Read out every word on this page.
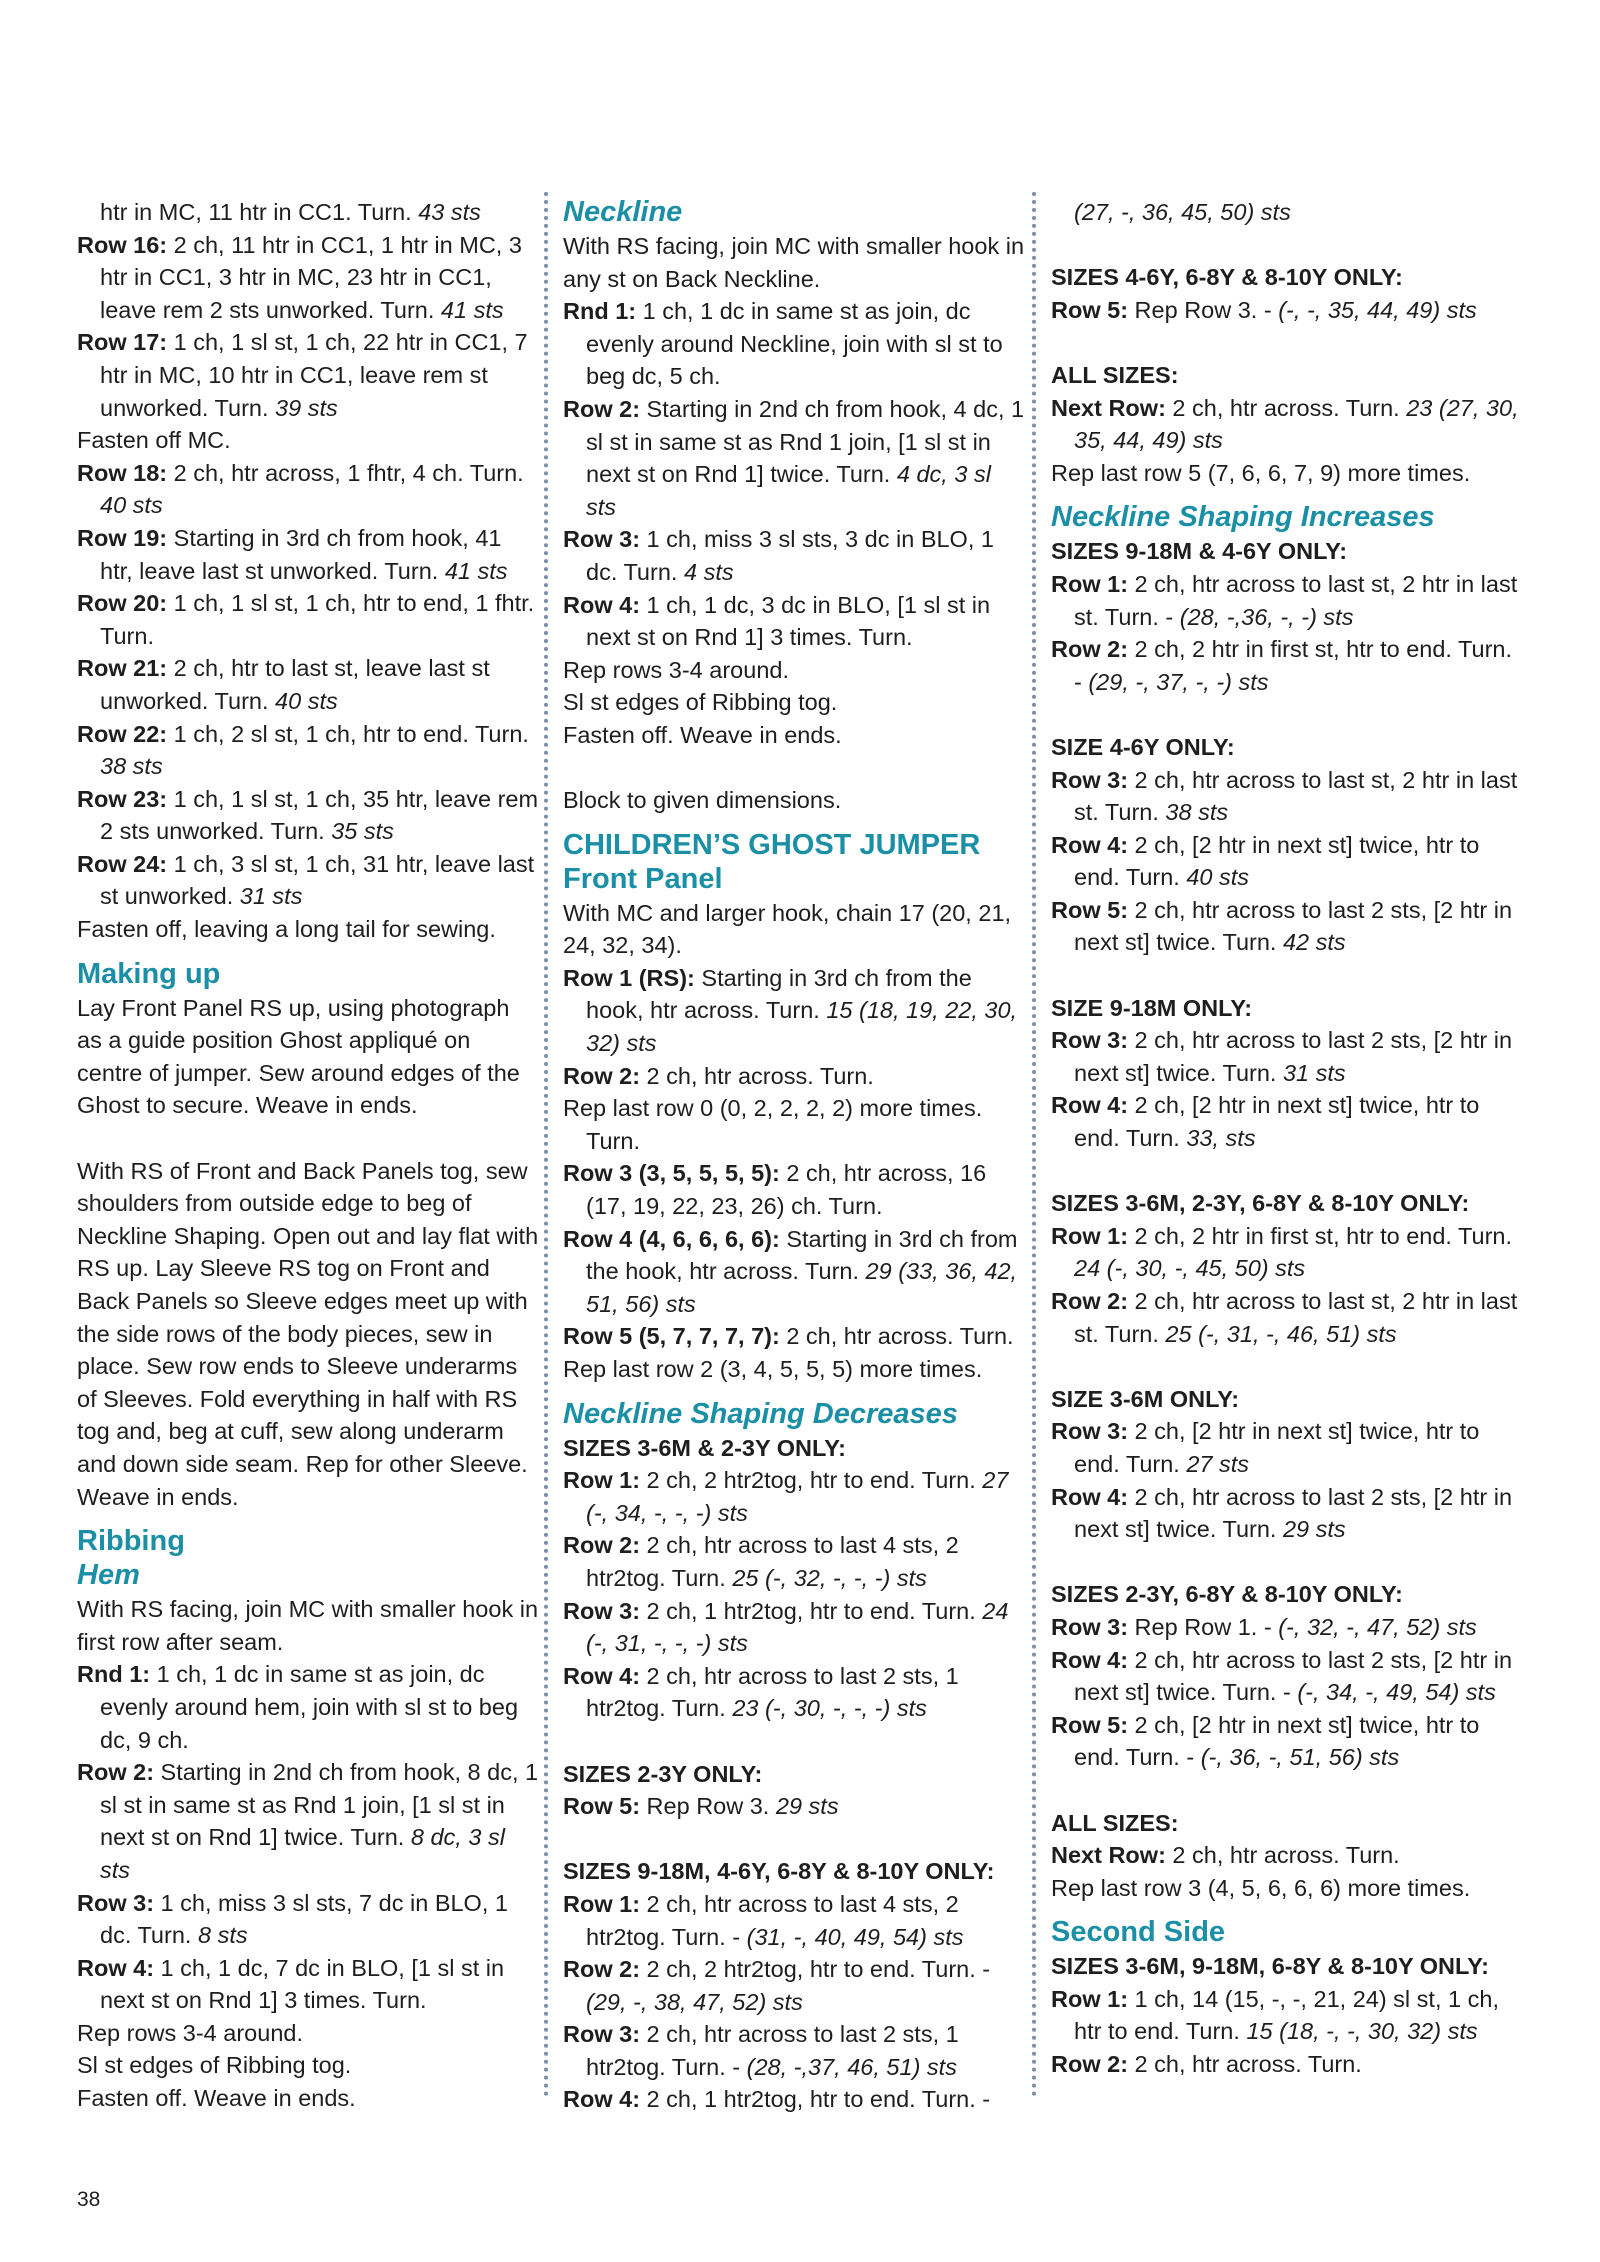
htr in MC, 11 htr in CC1. Turn. 43 sts

Row 16: 2 ch, 11 htr in CC1, 1 htr in MC, 3 htr in CC1, 3 htr in MC, 23 htr in CC1, leave rem 2 sts unworked. Turn. 41 sts

Row 17: 1 ch, 1 sl st, 1 ch, 22 htr in CC1, 7 htr in MC, 10 htr in CC1, leave rem st unworked. Turn. 39 sts

Fasten off MC.

Row 18: 2 ch, htr across, 1 fhtr, 4 ch. Turn. 40 sts

Row 19: Starting in 3rd ch from hook, 41 htr, leave last st unworked. Turn. 41 sts

Row 20: 1 ch, 1 sl st, 1 ch, htr to end, 1 fhtr. Turn.

Row 21: 2 ch, htr to last st, leave last st unworked. Turn. 40 sts

Row 22: 1 ch, 2 sl st, 1 ch, htr to end. Turn. 38 sts

Row 23: 1 ch, 1 sl st, 1 ch, 35 htr, leave rem 2 sts unworked. Turn. 35 sts

Row 24: 1 ch, 3 sl st, 1 ch, 31 htr, leave last st unworked. 31 sts

Fasten off, leaving a long tail for sewing.

Making up

Lay Front Panel RS up, using photograph as a guide position Ghost appliqué on centre of jumper. Sew around edges of the Ghost to secure. Weave in ends.

With RS of Front and Back Panels tog, sew shoulders from outside edge to beg of Neckline Shaping. Open out and lay flat with RS up. Lay Sleeve RS tog on Front and Back Panels so Sleeve edges meet up with the side rows of the body pieces, sew in place. Sew row ends to Sleeve underarms of Sleeves. Fold everything in half with RS tog and, beg at cuff, sew along underarm and down side seam. Rep for other Sleeve. Weave in ends.

Ribbing
Hem

With RS facing, join MC with smaller hook in first row after seam.

Rnd 1: 1 ch, 1 dc in same st as join, dc evenly around hem, join with sl st to beg dc, 9 ch.

Row 2: Starting in 2nd ch from hook, 8 dc, 1 sl st in same st as Rnd 1 join, [1 sl st in next st on Rnd 1] twice. Turn. 8 dc, 3 sl sts

Row 3: 1 ch, miss 3 sl sts, 7 dc in BLO, 1 dc. Turn. 8 sts

Row 4: 1 ch, 1 dc, 7 dc in BLO, [1 sl st in next st on Rnd 1] 3 times. Turn.

Rep rows 3-4 around.

Sl st edges of Ribbing tog.

Fasten off. Weave in ends.

Neckline

With RS facing, join MC with smaller hook in any st on Back Neckline.

Rnd 1: 1 ch, 1 dc in same st as join, dc evenly around Neckline, join with sl st to beg dc, 5 ch.

Row 2: Starting in 2nd ch from hook, 4 dc, 1 sl st in same st as Rnd 1 join, [1 sl st in next st on Rnd 1] twice. Turn. 4 dc, 3 sl sts

Row 3: 1 ch, miss 3 sl sts, 3 dc in BLO, 1 dc. Turn. 4 sts

Row 4: 1 ch, 1 dc, 3 dc in BLO, [1 sl st in next st on Rnd 1] 3 times. Turn.

Rep rows 3-4 around.

Sl st edges of Ribbing tog.

Fasten off. Weave in ends.

Block to given dimensions.

CHILDREN’S GHOST JUMPER
Front Panel

With MC and larger hook, chain 17 (20, 21, 24, 32, 34).

Row 1 (RS): Starting in 3rd ch from the hook, htr across. Turn. 15 (18, 19, 22, 30, 32) sts

Row 2: 2 ch, htr across. Turn.

Rep last row 0 (0, 2, 2, 2, 2) more times. Turn.

Row 3 (3, 5, 5, 5, 5): 2 ch, htr across, 16 (17, 19, 22, 23, 26) ch. Turn.

Row 4 (4, 6, 6, 6, 6): Starting in 3rd ch from the hook, htr across. Turn. 29 (33, 36, 42, 51, 56) sts

Row 5 (5, 7, 7, 7, 7): 2 ch, htr across. Turn.

Rep last row 2 (3, 4, 5, 5, 5) more times.

Neckline Shaping Decreases

SIZES 3-6M & 2-3Y ONLY:

Row 1: 2 ch, 2 htr2tog, htr to end. Turn. 27 (-, 34, -, -, -) sts

Row 2: 2 ch, htr across to last 4 sts, 2 htr2tog. Turn. 25 (-, 32, -, -, -) sts

Row 3: 2 ch, 1 htr2tog, htr to end. Turn. 24 (-, 31, -, -, -) sts

Row 4: 2 ch, htr across to last 2 sts, 1 htr2tog. Turn. 23 (-, 30, -, -, -) sts

SIZES 2-3Y ONLY:

Row 5: Rep Row 3. 29 sts

SIZES 9-18M, 4-6Y, 6-8Y & 8-10Y ONLY:

Row 1: 2 ch, htr across to last 4 sts, 2 htr2tog. Turn. - (31, -, 40, 49, 54) sts

Row 2: 2 ch, 2 htr2tog, htr to end. Turn. - (29, -, 38, 47, 52) sts

Row 3: 2 ch, htr across to last 2 sts, 1 htr2tog. Turn. - (28, -,37, 46, 51) sts

Row 4: 2 ch, 1 htr2tog, htr to end. Turn. -

(27, -, 36, 45, 50) sts

SIZES 4-6Y, 6-8Y & 8-10Y ONLY:

Row 5: Rep Row 3. - (-, -, 35, 44, 49) sts

ALL SIZES:

Next Row: 2 ch, htr across. Turn. 23 (27, 30, 35, 44, 49) sts

Rep last row 5 (7, 6, 6, 7, 9) more times.

Neckline Shaping Increases

SIZES 9-18M & 4-6Y ONLY:

Row 1: 2 ch, htr across to last st, 2 htr in last st. Turn. - (28, -,36, -, -) sts

Row 2: 2 ch, 2 htr in first st, htr to end. Turn. - (29, -, 37, -, -) sts

SIZE 4-6Y ONLY:

Row 3: 2 ch, htr across to last st, 2 htr in last st. Turn. 38 sts

Row 4: 2 ch, [2 htr in next st] twice, htr to end. Turn. 40 sts

Row 5: 2 ch, htr across to last 2 sts, [2 htr in next st] twice. Turn. 42 sts

SIZE 9-18M ONLY:

Row 3: 2 ch, htr across to last 2 sts, [2 htr in next st] twice. Turn. 31 sts

Row 4: 2 ch, [2 htr in next st] twice, htr to end. Turn. 33, sts

SIZES 3-6M, 2-3Y, 6-8Y & 8-10Y ONLY:

Row 1: 2 ch, 2 htr in first st, htr to end. Turn. 24 (-, 30, -, 45, 50) sts

Row 2: 2 ch, htr across to last st, 2 htr in last st. Turn. 25 (-, 31, -, 46, 51) sts

SIZE 3-6M ONLY:

Row 3: 2 ch, [2 htr in next st] twice, htr to end. Turn. 27 sts

Row 4: 2 ch, htr across to last 2 sts, [2 htr in next st] twice. Turn. 29 sts

SIZES 2-3Y, 6-8Y & 8-10Y ONLY:

Row 3: Rep Row 1. - (-, 32, -, 47, 52) sts

Row 4: 2 ch, htr across to last 2 sts, [2 htr in next st] twice. Turn. - (-, 34, -, 49, 54) sts

Row 5: 2 ch, [2 htr in next st] twice, htr to end. Turn. - (-, 36, -, 51, 56) sts

ALL SIZES:

Next Row: 2 ch, htr across. Turn.

Rep last row 3 (4, 5, 6, 6, 6) more times.

Second Side

SIZES 3-6M, 9-18M, 6-8Y & 8-10Y ONLY:

Row 1: 1 ch, 14 (15, -, -, 21, 24) sl st, 1 ch, htr to end. Turn. 15 (18, -, -, 30, 32) sts

Row 2: 2 ch, htr across. Turn.

38
